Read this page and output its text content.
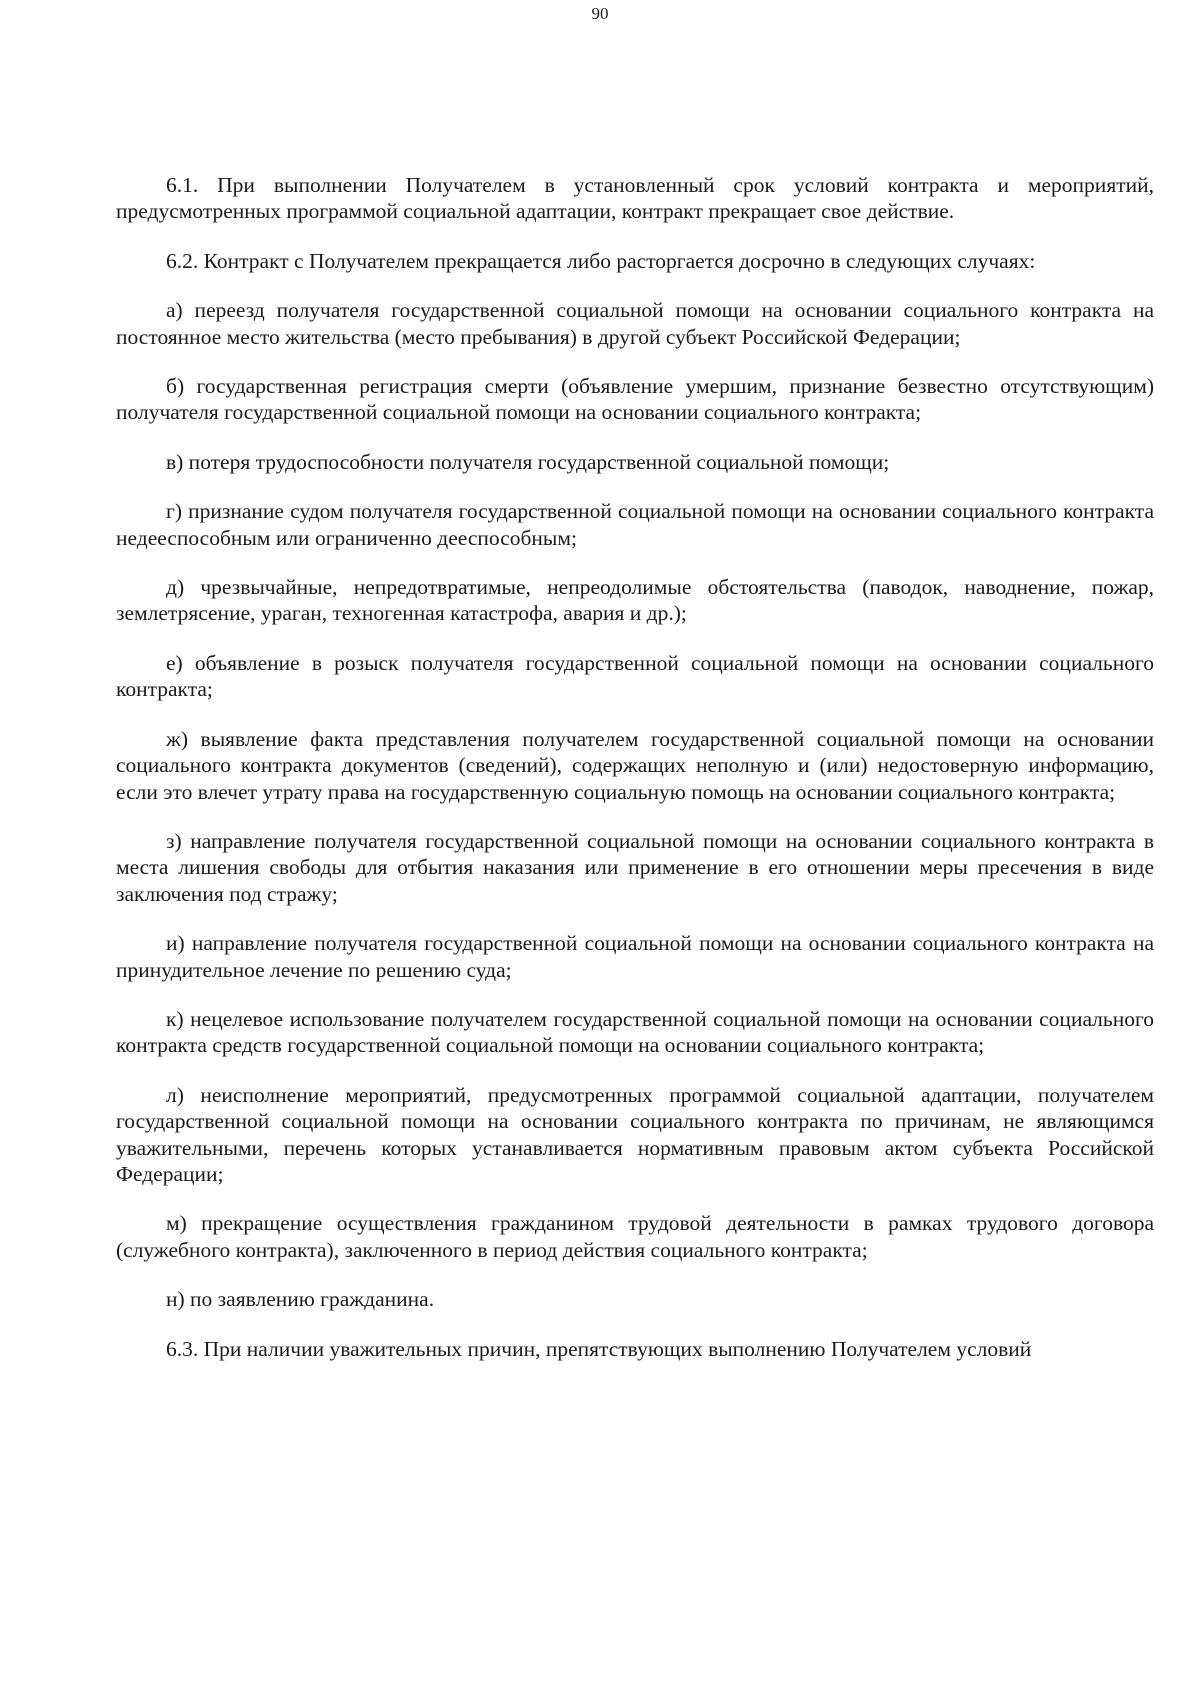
90

6.1. При выполнении Получателем в установленный срок условий контракта и мероприятий, предусмотренных программой социальной адаптации, контракт прекращает свое действие.

6.2. Контракт с Получателем прекращается либо расторгается досрочно в следующих случаях:

а) переезд получателя государственной социальной помощи на основании социального контракта на постоянное место жительства (место пребывания) в другой субъект Российской Федерации;

б) государственная регистрация смерти (объявление умершим, признание безвестно отсутствующим) получателя государственной социальной помощи на основании социального контракта;

в) потеря трудоспособности получателя государственной социальной помощи;

г) признание судом получателя государственной социальной помощи на основании социального контракта недееспособным или ограниченно дееспособным;

д) чрезвычайные, непредотвратимые, непреодолимые обстоятельства (паводок, наводнение, пожар, землетрясение, ураган, техногенная катастрофа, авария и др.);

е) объявление в розыск получателя государственной социальной помощи на основании социального контракта;

ж) выявление факта представления получателем государственной социальной помощи на основании социального контракта документов (сведений), содержащих неполную и (или) недостоверную информацию, если это влечет утрату права на государственную социальную помощь на основании социального контракта;

з) направление получателя государственной социальной помощи на основании социального контракта в места лишения свободы для отбытия наказания или применение в его отношении меры пресечения в виде заключения под стражу;

и) направление получателя государственной социальной помощи на основании социального контракта на принудительное лечение по решению суда;

к) нецелевое использование получателем государственной социальной помощи на основании социального контракта средств государственной социальной помощи на основании социального контракта;

л) неисполнение мероприятий, предусмотренных программой социальной адаптации, получателем государственной социальной помощи на основании социального контракта по причинам, не являющимся уважительными, перечень которых устанавливается нормативным правовым актом субъекта Российской Федерации;

м) прекращение осуществления гражданином трудовой деятельности в рамках трудового договора (служебного контракта), заключенного в период действия социального контракта;

н) по заявлению гражданина.

6.3. При наличии уважительных причин, препятствующих выполнению Получателем условий
